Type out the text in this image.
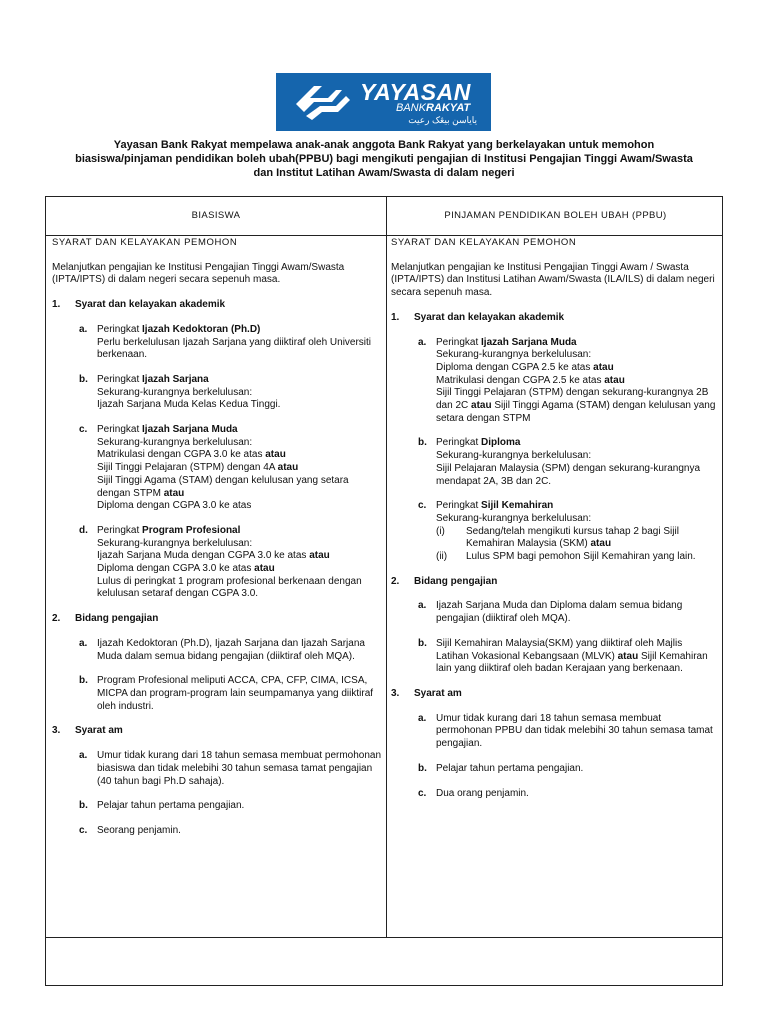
YAYASAN
BANKRAKYAT
ياياسن بيڠک رعيت
Yayasan Bank Rakyat mempelawa anak-anak anggota Bank Rakyat yang berkelayakan untuk memohon biasiswa/pinjaman pendidikan boleh ubah(PPBU) bagi mengikuti pengajian di Institusi Pengajian Tinggi Awam/Swasta dan Institut Latihan Awam/Swasta di dalam negeri
BIASISWA	PINJAMAN PENDIDIKAN BOLEH UBAH (PPBU)

SYARAT DAN KELAYAKAN PEMOHON

Melanjutkan pengajian ke Institusi Pengajian Tinggi Awam/Swasta (IPTA/IPTS) di dalam negeri secara sepenuh masa.

1. Syarat dan kelayakan akademik
a. Peringkat Ijazah Kedoktoran (Ph.D)
Perlu berkelulusan Ijazah Sarjana yang diiktiraf oleh Universiti berkenaan.
b. Peringkat Ijazah Sarjana
Sekurang-kurangnya berkelulusan:
Ijazah Sarjana Muda Kelas Kedua Tinggi.
c. Peringkat Ijazah Sarjana Muda
Sekurang-kurangnya berkelulusan:
Matrikulasi dengan CGPA 3.0 ke atas atau
Sijil Tinggi Pelajaran (STPM) dengan 4A atau
Sijil Tinggi Agama (STAM) dengan kelulusan yang setara dengan STPM atau
Diploma dengan CGPA 3.0 ke atas
d. Peringkat Program Profesional
Sekurang-kurangnya berkelulusan:
Ijazah Sarjana Muda dengan CGPA 3.0 ke atas atau
Diploma dengan CGPA 3.0 ke atas atau
Lulus di peringkat 1 program profesional berkenaan dengan kelulusan setaraf dengan CGPA 3.0.
2. Bidang pengajian
a. Ijazah Kedoktoran (Ph.D), Ijazah Sarjana dan Ijazah Sarjana Muda dalam semua bidang pengajian (diiktiraf oleh MQA).
b. Program Profesional meliputi ACCA, CPA, CFP, CIMA, ICSA, MICPA dan program-program lain seumpamanya yang diiktiraf oleh industri.
3. Syarat am
a. Umur tidak kurang dari 18 tahun semasa membuat permohonan biasiswa dan tidak melebihi 30 tahun semasa tamat pengajian (40 tahun bagi Ph.D sahaja).
b. Pelajar tahun pertama pengajian.
c. Seorang penjamin.

SYARAT DAN KELAYAKAN PEMOHON

Melanjutkan pengajian ke Institusi Pengajian Tinggi Awam / Swasta (IPTA/IPTS) dan Institusi Latihan Awam/Swasta (ILA/ILS) di dalam negeri secara sepenuh masa.

1. Syarat dan kelayakan akademik
a. Peringkat Ijazah Sarjana Muda
Sekurang-kurangnya berkelulusan:
Diploma dengan CGPA 2.5 ke atas atau
Matrikulasi dengan CGPA 2.5 ke atas atau
Sijil Tinggi Pelajaran (STPM) dengan sekurang-kurangnya 2B dan 2C atau Sijil Tinggi Agama (STAM) dengan kelulusan yang setara dengan STPM
b. Peringkat Diploma
Sekurang-kurangnya berkelulusan:
Sijil Pelajaran Malaysia (SPM) dengan sekurang-kurangnya mendapat 2A, 3B dan 2C.
c. Peringkat Sijil Kemahiran
Sekurang-kurangnya berkelulusan:
(i) Sedang/telah mengikuti kursus tahap 2 bagi Sijil Kemahiran Malaysia (SKM) atau
(ii) Lulus SPM bagi pemohon Sijil Kemahiran yang lain.
2. Bidang pengajian
a. Ijazah Sarjana Muda dan Diploma dalam semua bidang pengajian (diiktiraf oleh MQA).
b. Sijil Kemahiran Malaysia(SKM) yang diiktiraf oleh Majlis Latihan Vokasional Kebangsaan (MLVK) atau Sijil Kemahiran lain yang diiktiraf oleh badan Kerajaan yang berkenaan.
3. Syarat am
a. Umur tidak kurang dari 18 tahun semasa membuat permohonan PPBU dan tidak melebihi 30 tahun semasa tamat pengajian.
b. Pelajar tahun pertama pengajian.
c. Dua orang penjamin.
